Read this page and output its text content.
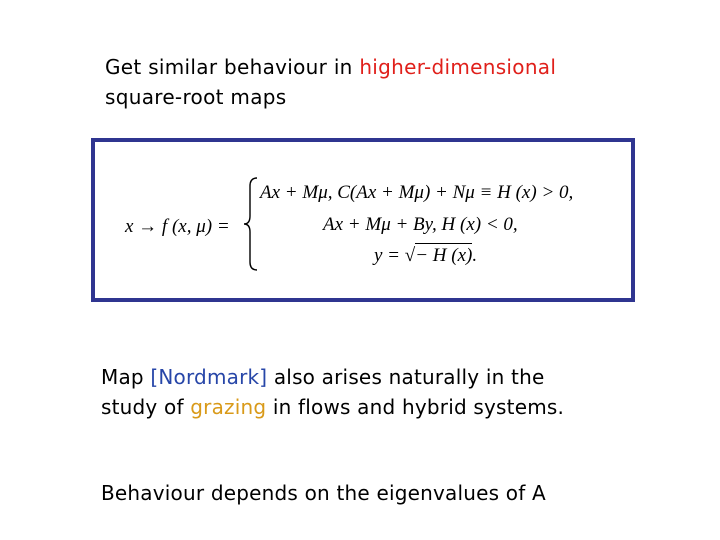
Get similar behaviour in higher-dimensional
square-root maps
x → f (x, μ) =
Ax + Mμ, C(Ax + Mμ) + Nμ ≡ H (x) > 0,
Ax + Mμ + By, H (x) < 0,
y = √− H (x).
Map [Nordmark] also arises naturally in the
study of grazing in flows and hybrid systems.
Behaviour depends on the eigenvalues of A
